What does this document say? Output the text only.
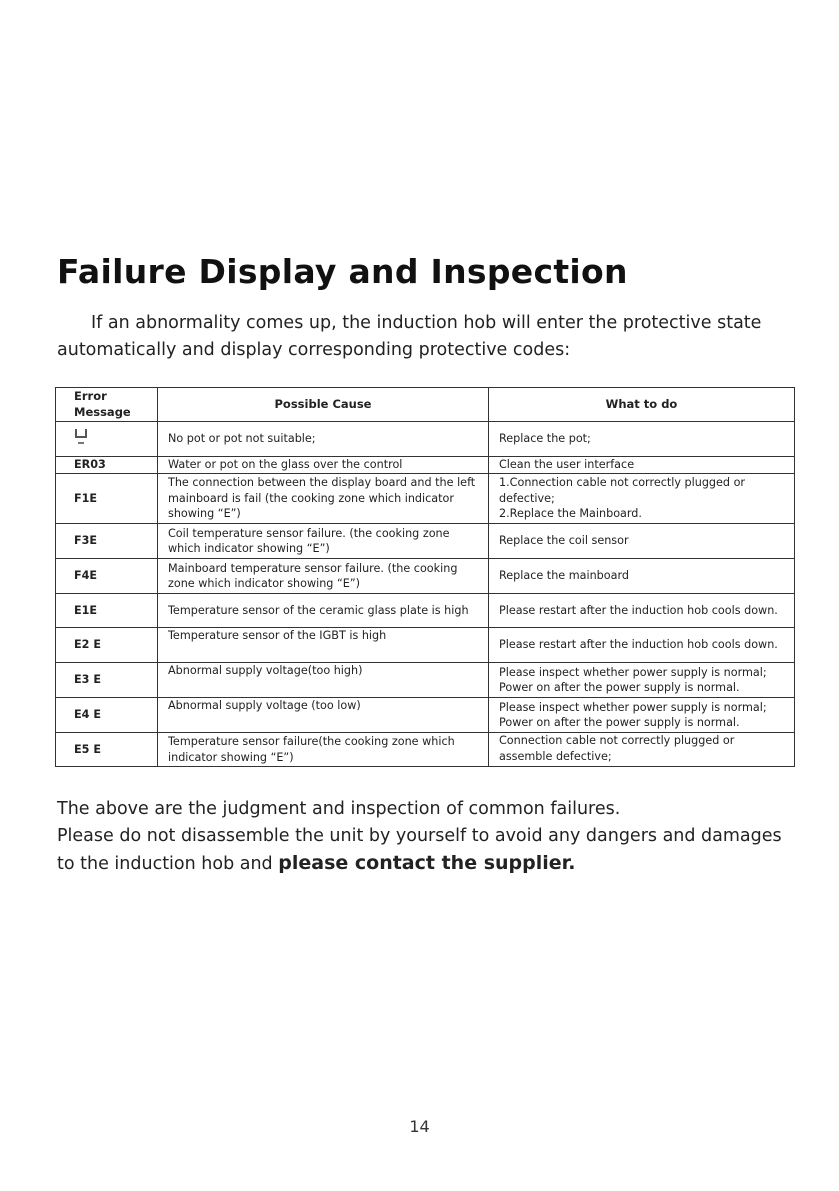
Failure Display and Inspection

If an abnormality comes up, the induction hob will enter the protective state automatically and display corresponding protective codes:

Error Message	Possible Cause	What to do

	No pot or pot not suitable;	Replace the pot;
ER03	Water or pot on the glass over the control	Clean the user interface
F1E	The connection between the display board and the left mainboard is fail (the cooking zone which indicator showing “E”)	1.Connection cable not correctly plugged or defective;
2.Replace the Mainboard.

F3E	Coil temperature sensor failure. (the cooking zone which indicator showing “E”)	Replace the coil sensor
F4E	Mainboard temperature sensor failure. (the cooking zone which indicator showing “E”)	Replace the mainboard
E1E	Temperature sensor of the ceramic glass plate is high	Please restart after the induction hob cools down.
E2 E	Temperature sensor of the IGBT is high	Please restart after the induction hob cools down.
E3 E	Abnormal supply voltage(too high)	Please inspect whether power supply is normal; Power on after the power supply is normal.
E4 E	Abnormal supply voltage (too low)	Please inspect whether power supply is normal; Power on after the power supply is normal.
E5 E	Temperature sensor failure(the cooking zone which indicator showing “E”)	Connection cable not correctly plugged or assemble defective;

The above are the judgment and inspection of common failures.
Please do not disassemble the unit by yourself to avoid any dangers and damages to the induction hob and please contact the supplier.

14
